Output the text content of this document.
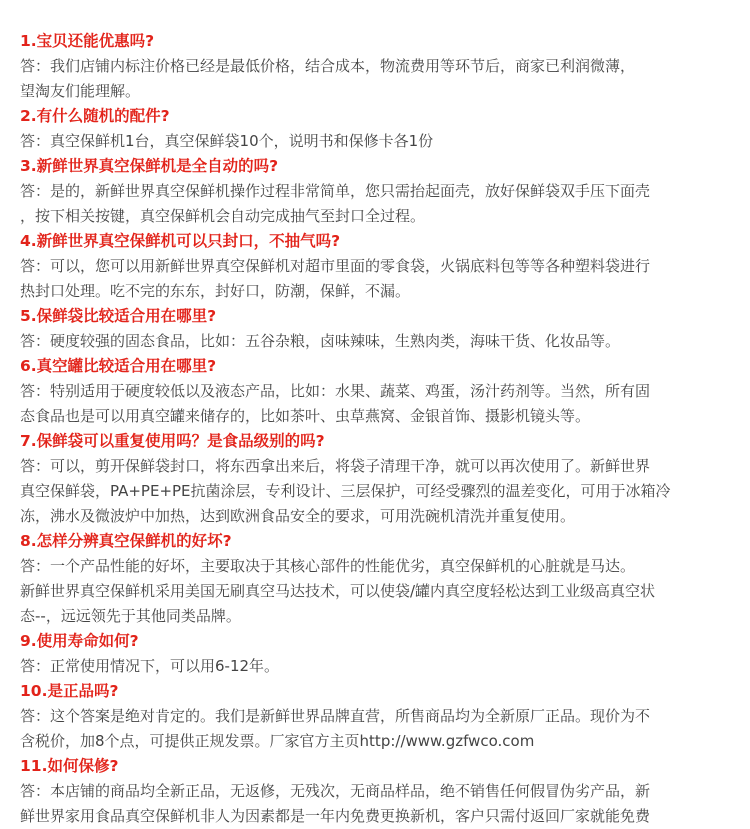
1.宝贝还能优惠吗?

答：我们店铺内标注价格已经是最低价格，结合成本，物流费用等环节后，商家已利润微薄，
望淘友们能理解。

2.有什么随机的配件?

答：真空保鲜机1台，真空保鲜袋10个，说明书和保修卡各1份

3.新鲜世界真空保鲜机是全自动的吗?

答：是的，新鲜世界真空保鲜机操作过程非常简单，您只需抬起面壳，放好保鲜袋双手压下面壳
，按下相关按键，真空保鲜机会自动完成抽气至封口全过程。

4.新鲜世界真空保鲜机可以只封口，不抽气吗?

答：可以，您可以用新鲜世界真空保鲜机对超市里面的零食袋，火锅底料包等等各种塑料袋进行
热封口处理。吃不完的东东，封好口，防潮，保鲜，不漏。

5.保鲜袋比较适合用在哪里?

答：硬度较强的固态食品，比如：五谷杂粮，卤味辣味，生熟肉类，海味干货、化妆品等。

6.真空罐比较适合用在哪里?

答：特别适用于硬度较低以及液态产品，比如：水果、蔬菜、鸡蛋，汤汁药剂等。当然，所有固
态食品也是可以用真空罐来储存的，比如茶叶、虫草燕窝、金银首饰、摄影机镜头等。

7.保鲜袋可以重复使用吗？是食品级别的吗?

答：可以，剪开保鲜袋封口，将东西拿出来后，将袋子清理干净，就可以再次使用了。新鲜世界
真空保鲜袋，PA+PE+PE抗菌涂层，专利设计、三层保护，可经受骤烈的温差变化，可用于冰箱冷
冻，沸水及微波炉中加热，达到欧洲食品安全的要求，可用洗碗机清洗并重复使用。

8.怎样分辨真空保鲜机的好坏?

答：一个产品性能的好坏，主要取决于其核心部件的性能优劣，真空保鲜机的心脏就是马达。
新鲜世界真空保鲜机采用美国无刷真空马达技术，可以使袋/罐内真空度轻松达到工业级高真空状
态--，远远领先于其他同类品牌。

9.使用寿命如何?

答：正常使用情况下，可以用6-12年。

10.是正品吗?

答：这个答案是绝对肯定的。我们是新鲜世界品牌直营，所售商品均为全新原厂正品。现价为不
含税价，加8个点，可提供正规发票。厂家官方主页http://www.gzfwco.com

11.如何保修?

答：本店铺的商品均全新正品，无返修，无残次，无商品样品，绝不销售任何假冒伪劣产品，新
鲜世界家用食品真空保鲜机非人为因素都是一年内免费更换新机，客户只需付返回厂家就能免费
